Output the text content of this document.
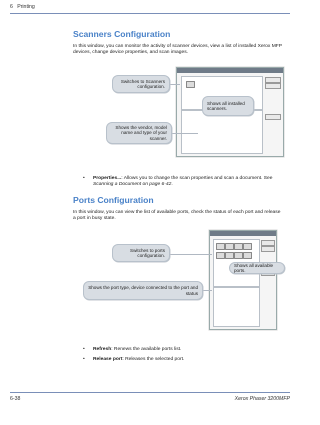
6 Printing
Scanners Configuration
In this window, you can monitor the activity of scanner devices, view a list of installed Xerox MFP devices, change device properties, and scan images.
Switches to Scanners configuration.
Shows all installed scanners.
Shows the vendor, model name and type of your scanner.
• Properties...: Allows you to change the scan properties and scan a document. See Scanning a Document on page 6-42.
Ports Configuration
In this window, you can view the list of available ports, check the status of each port and release a port in busy state.
Switches to ports configuration.
Shows all available ports.
Shows the port type, device connected to the port and status
• Refresh: Renews the available ports list.
• Release port: Releases the selected port.
6-38	Xerox Phaser 3200MFP
